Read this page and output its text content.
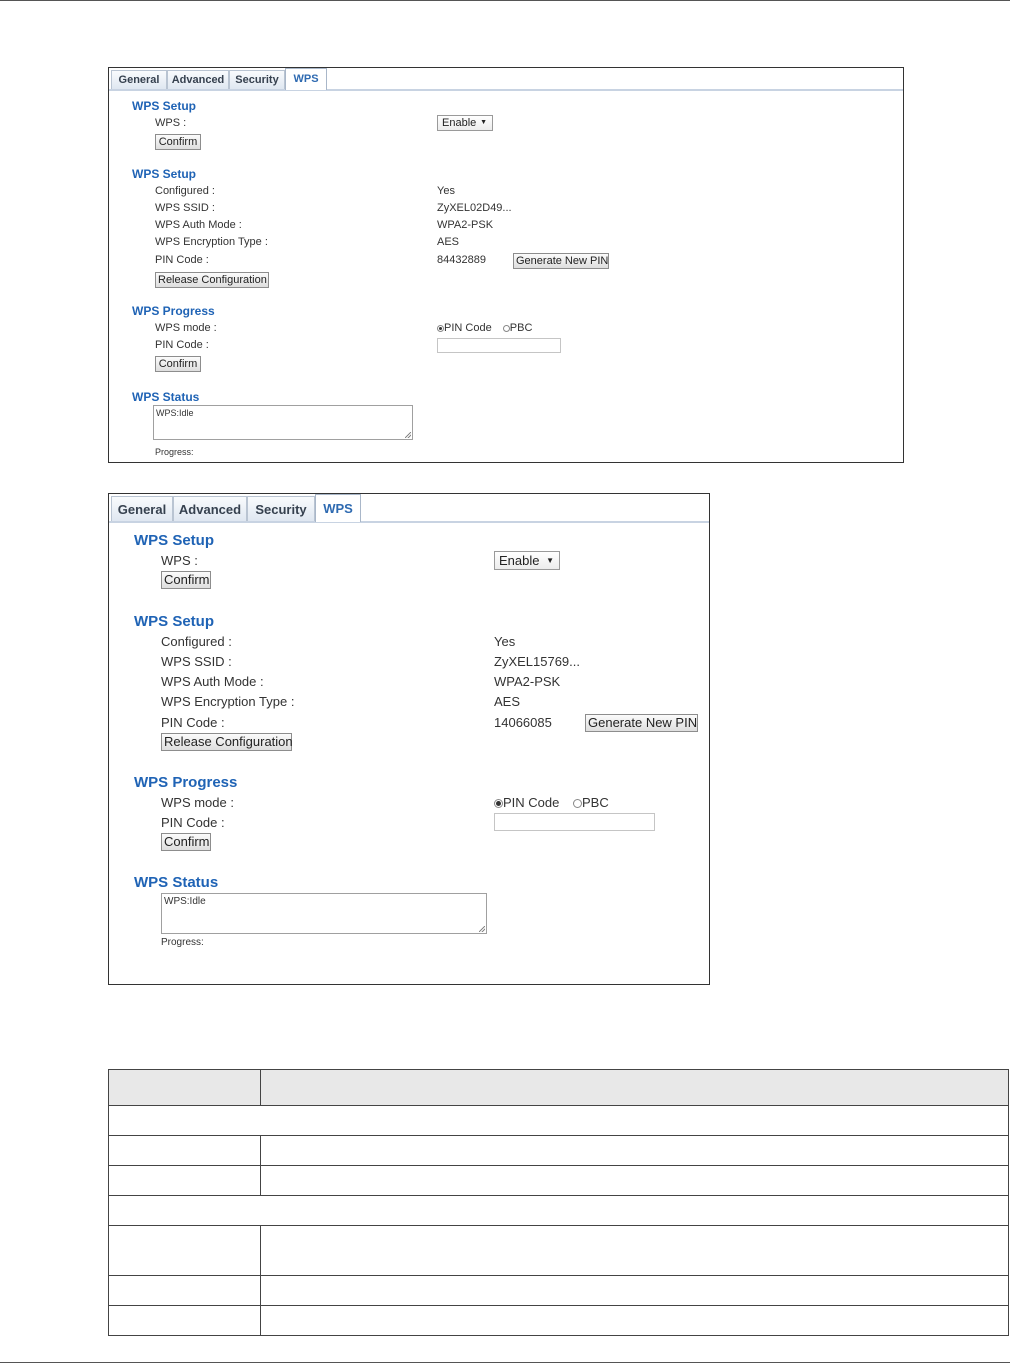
General	Advanced	Security	WPS
WPS Setup
WPS :	Enable ▼
Confirm
WPS Setup
Configured :	Yes
WPS SSID :	ZyXEL02D49...
WPS Auth Mode :	WPA2-PSK
WPS Encryption Type :	AES
PIN Code :	84432889	Generate New PIN
Release Configuration
WPS Progress
WPS mode :	PIN Code PBC
PIN Code :
Confirm
WPS Status
WPS:Idle
Progress:
General Advanced	Security	WPS
WPS Setup
WPS :	Enable ▼
Confirm
WPS Setup
Configured :	Yes
WPS SSID :	ZyXEL15769...
WPS Auth Mode :	WPA2-PSK
WPS Encryption Type :	AES
PIN Code :	14066085	Generate New PIN
Release Configuration
WPS Progress
WPS mode :	PIN Code PBC
PIN Code :
Confirm
WPS Status
WPS:Idle
Progress:
